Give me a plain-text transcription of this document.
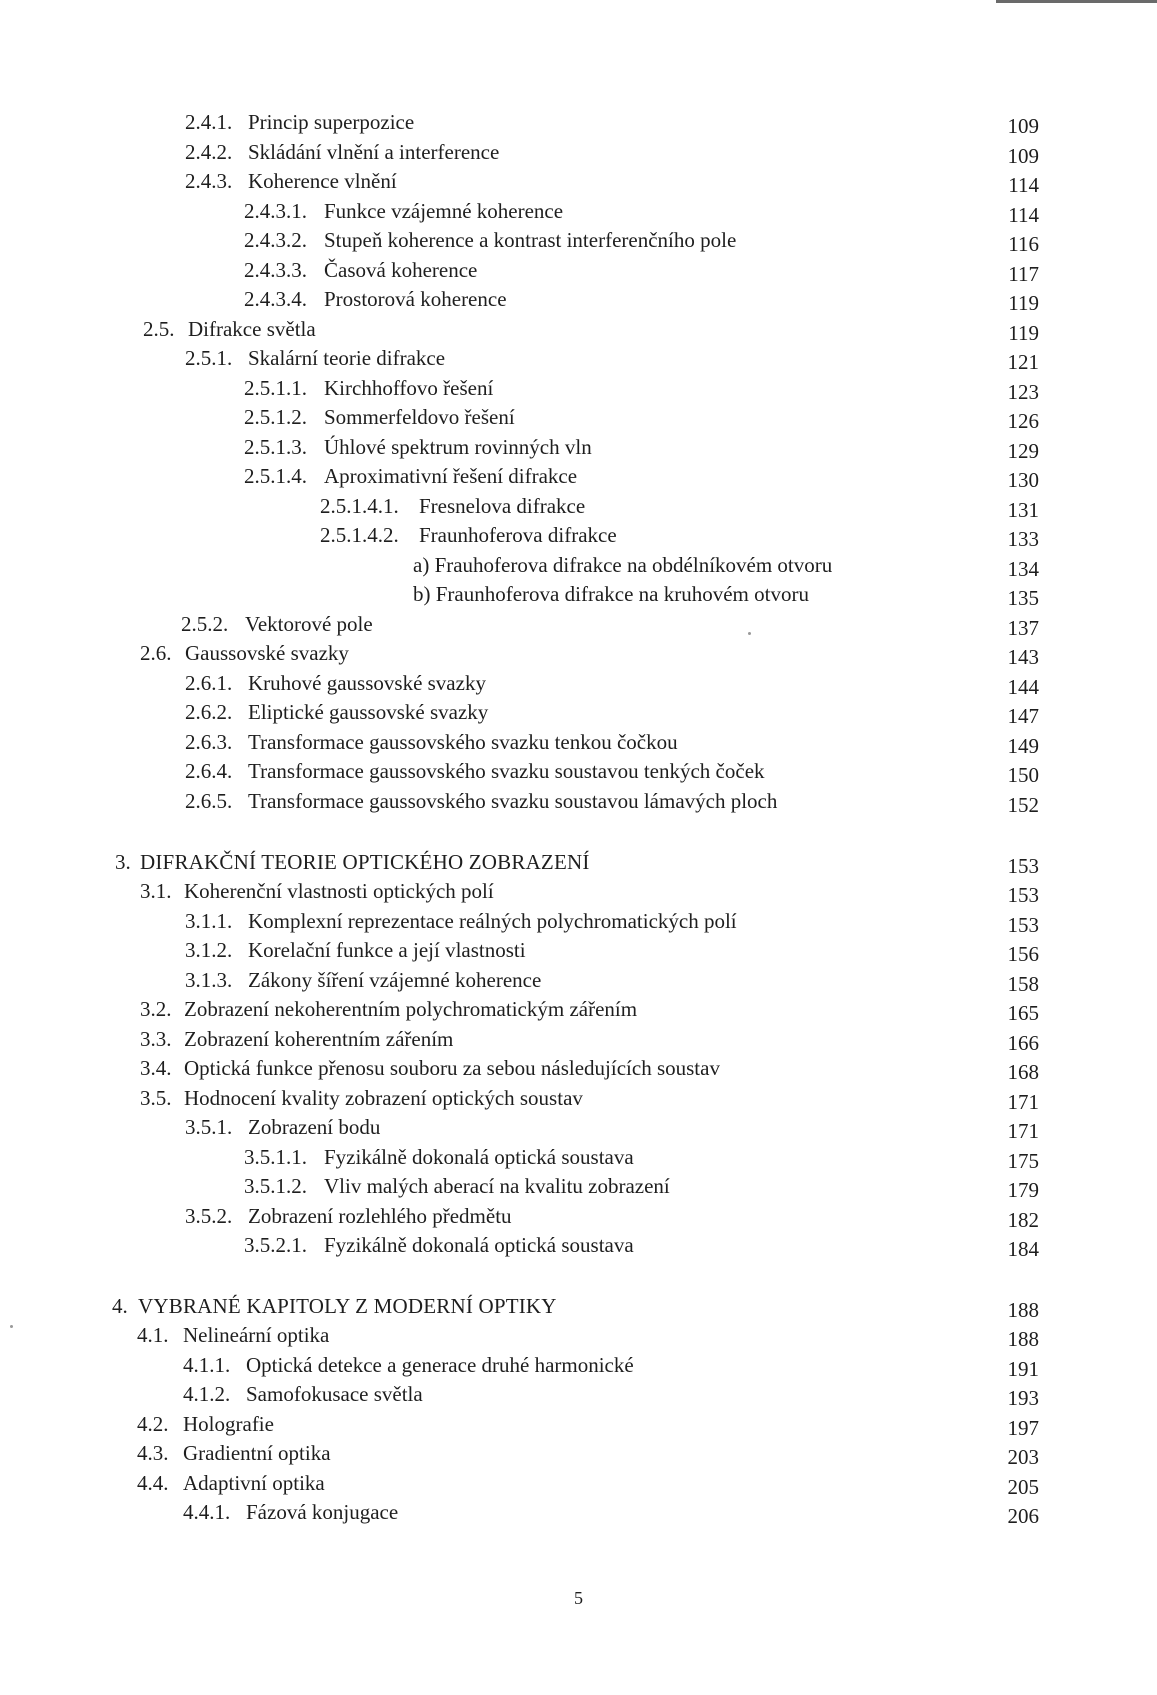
2.4.1. Princip superpozice	109
2.4.2. Skládání vlnění a interference	109
2.4.3. Koherence vlnění	114
2.4.3.1. Funkce vzájemné koherence	114
2.4.3.2. Stupeň koherence a kontrast interferenčního pole	116
2.4.3.3. Časová koherence	117
2.4.3.4. Prostorová koherence	119
2.5. Difrakce světla	119
2.5.1. Skalární teorie difrakce	121
2.5.1.1. Kirchhoffovo řešení	123
2.5.1.2. Sommerfeldovo řešení	126
2.5.1.3. Úhlové spektrum rovinných vln	129
2.5.1.4. Aproximativní řešení difrakce	130
2.5.1.4.1. Fresnelova difrakce	131
2.5.1.4.2. Fraunhoferova difrakce	133
a) Frauhoferova difrakce na obdélníkovém otvoru	134
b) Fraunhoferova difrakce na kruhovém otvoru	135
2.5.2. Vektorové pole	137
2.6. Gaussovské svazky	143
2.6.1. Kruhové gaussovské svazky	144
2.6.2. Eliptické gaussovské svazky	147
2.6.3. Transformace gaussovského svazku tenkou čočkou	149
2.6.4. Transformace gaussovského svazku soustavou tenkých čoček	150
2.6.5. Transformace gaussovského svazku soustavou lámavých ploch	152
3. DIFRAKČNÍ TEORIE OPTICKÉHO ZOBRAZENÍ	153
3.1. Koherenční vlastnosti optických polí	153
3.1.1. Komplexní reprezentace reálných polychromatických polí	153
3.1.2. Korelační funkce a její vlastnosti	156
3.1.3. Zákony šíření vzájemné koherence	158
3.2. Zobrazení nekoherentním polychromatickým zářením	165
3.3. Zobrazení koherentním zářením	166
3.4. Optická funkce přenosu souboru za sebou následujících soustav	168
3.5. Hodnocení kvality zobrazení optických soustav	171
3.5.1. Zobrazení bodu	171
3.5.1.1. Fyzikálně dokonalá optická soustava	175
3.5.1.2. Vliv malých aberací na kvalitu zobrazení	179
3.5.2. Zobrazení rozlehlého předmětu	182
3.5.2.1. Fyzikálně dokonalá optická soustava	184
4. VYBRANÉ KAPITOLY Z MODERNÍ OPTIKY	188
4.1. Nelineární optika	188
4.1.1. Optická detekce a generace druhé harmonické	191
4.1.2. Samofokusace světla	193
4.2. Holografie	197
4.3. Gradientní optika	203
4.4. Adaptivní optika	205
4.4.1. Fázová konjugace	206
5
